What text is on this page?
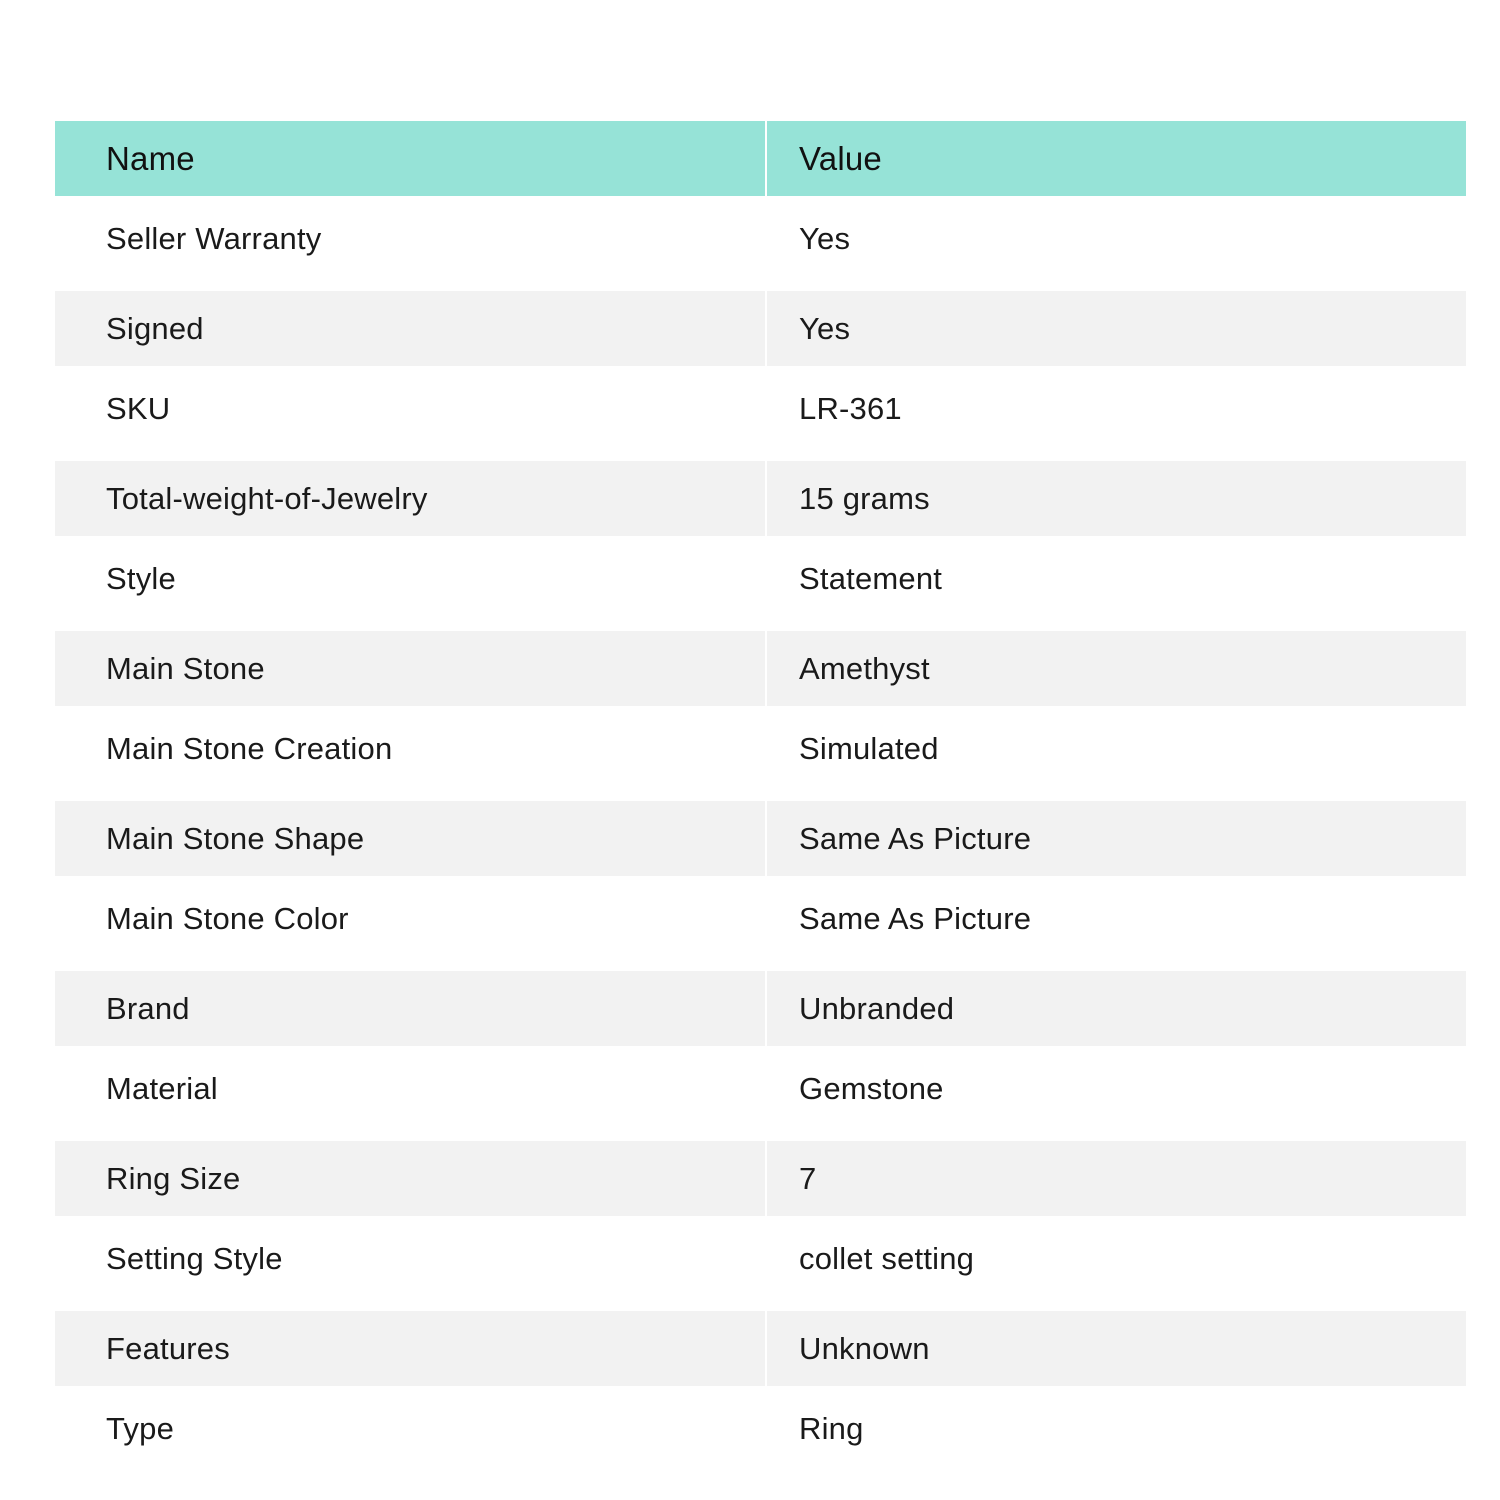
Name	Value
Seller Warranty	Yes
Signed	Yes
SKU	LR-361
Total-weight-of-Jewelry	15 grams
Style	Statement
Main Stone	Amethyst
Main Stone Creation	Simulated
Main Stone Shape	Same As Picture
Main Stone Color	Same As Picture
Brand	Unbranded
Material	Gemstone
Ring Size	7
Setting Style	collet setting
Features	Unknown
Type	Ring
